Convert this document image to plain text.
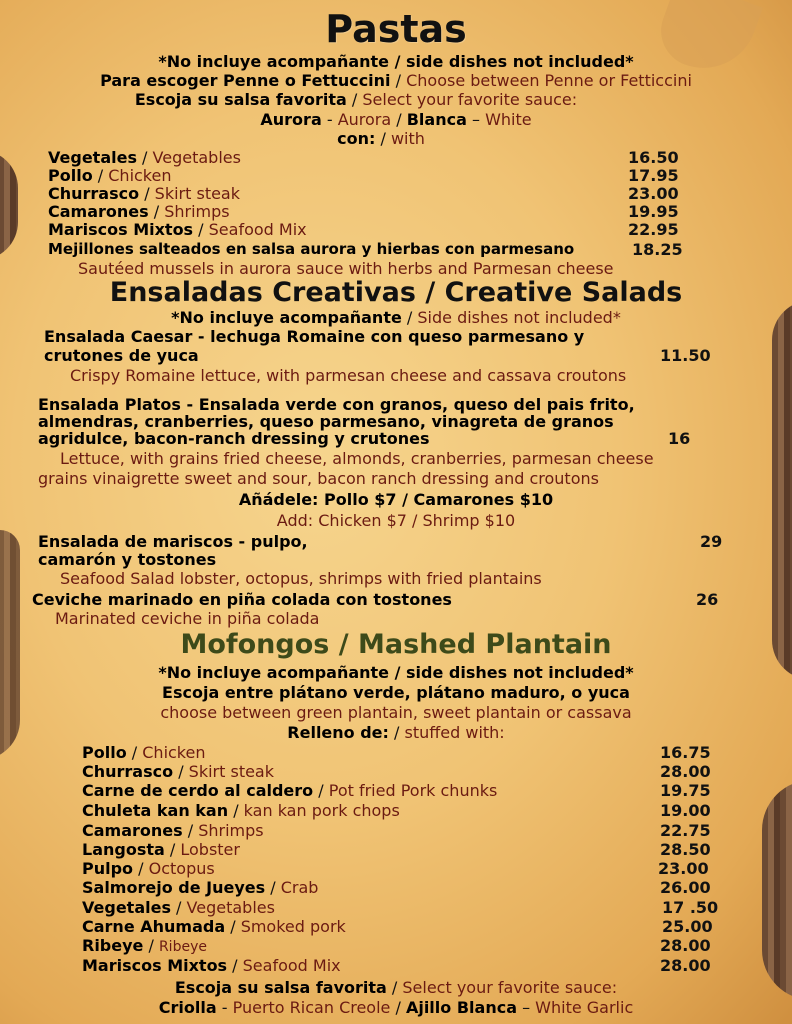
Pastas
*No incluye acompañante / side dishes not included*
Para escoger Penne o Fettuccini / Choose between Penne or Fetticcini
Escoja su salsa favorita / Select your favorite sauce:
Aurora - Aurora / Blanca – White
con: / with
Vegetales / Vegetables	16.50
Pollo / Chicken	17.95
Churrasco / Skirt steak	23.00
Camarones / Shrimps	19.95
Mariscos Mixtos / Seafood Mix	22.95
Mejillones salteados en salsa aurora y hierbas con parmesano	18.25
Sautéed mussels in aurora sauce with herbs and Parmesan cheese
Ensaladas Creativas / Creative Salads
*No incluye acompañante / Side dishes not included*
Ensalada Caesar - lechuga Romaine con queso parmesano y
crutones de yuca	11.50
Crispy Romaine lettuce, with parmesan cheese and cassava croutons
Ensalada Platos - Ensalada verde con granos, queso del pais frito,
almendras, cranberries, queso parmesano, vinagreta de granos
agridulce, bacon-ranch dressing y crutones	16
Lettuce, with grains fried cheese, almonds, cranberries, parmesan cheese
grains vinaigrette sweet and sour, bacon ranch dressing and croutons
Añádele: Pollo $7 / Camarones $10
Add: Chicken $7 / Shrimp $10
Ensalada de mariscos - pulpo,
camarón y tostones
29
Seafood Salad lobster, octopus, shrimps with fried plantains
Ceviche marinado en piña colada con tostones	26
Marinated ceviche in piña colada
Mofongos / Mashed Plantain
*No incluye acompañante / side dishes not included*
Escoja entre plátano verde, plátano maduro, o yuca
choose between green plantain, sweet plantain or cassava
Relleno de: / stuffed with:
Pollo / Chicken	16.75
Churrasco / Skirt steak	28.00
Carne de cerdo al caldero / Pot fried Pork chunks	19.75
Chuleta kan kan / kan kan pork chops	19.00
Camarones / Shrimps	22.75
Langosta / Lobster	28.50
Pulpo / Octopus	23.00
Salmorejo de Jueyes / Crab	26.00
Vegetales / Vegetables	17 .50
Carne Ahumada / Smoked pork	25.00
Ribeye / Ribeye	28.00
Mariscos Mixtos / Seafood Mix	28.00
Escoja su salsa favorita / Select your favorite sauce:
Criolla - Puerto Rican Creole / Ajillo Blanca – White Garlic
